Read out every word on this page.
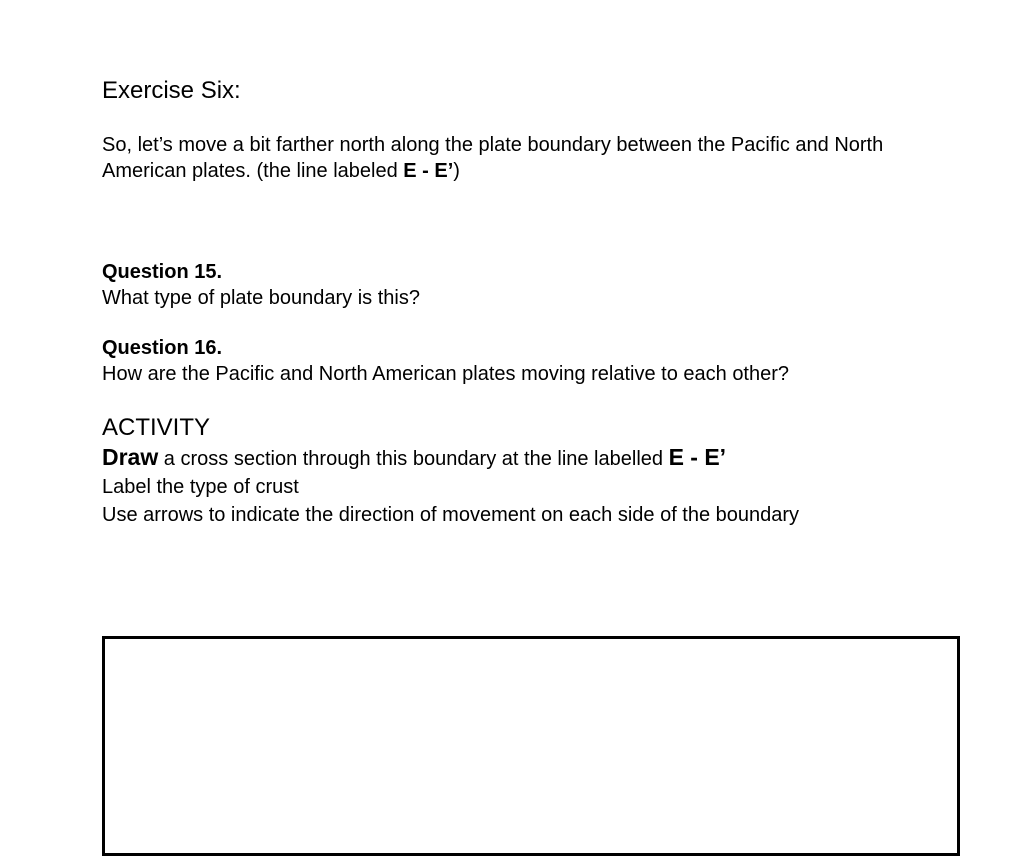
Exercise Six:

So, let’s move a bit farther north along the plate boundary between the Pacific and North American plates. (the line labeled E - E’)

Question 15.
What type of plate boundary is this?
Question 16.
How are the Pacific and North American plates moving relative to each other?
ACTIVITY
Draw a cross section through this boundary at the line labelled E - E’
Label the type of crust
Use arrows to indicate the direction of movement on each side of the boundary
